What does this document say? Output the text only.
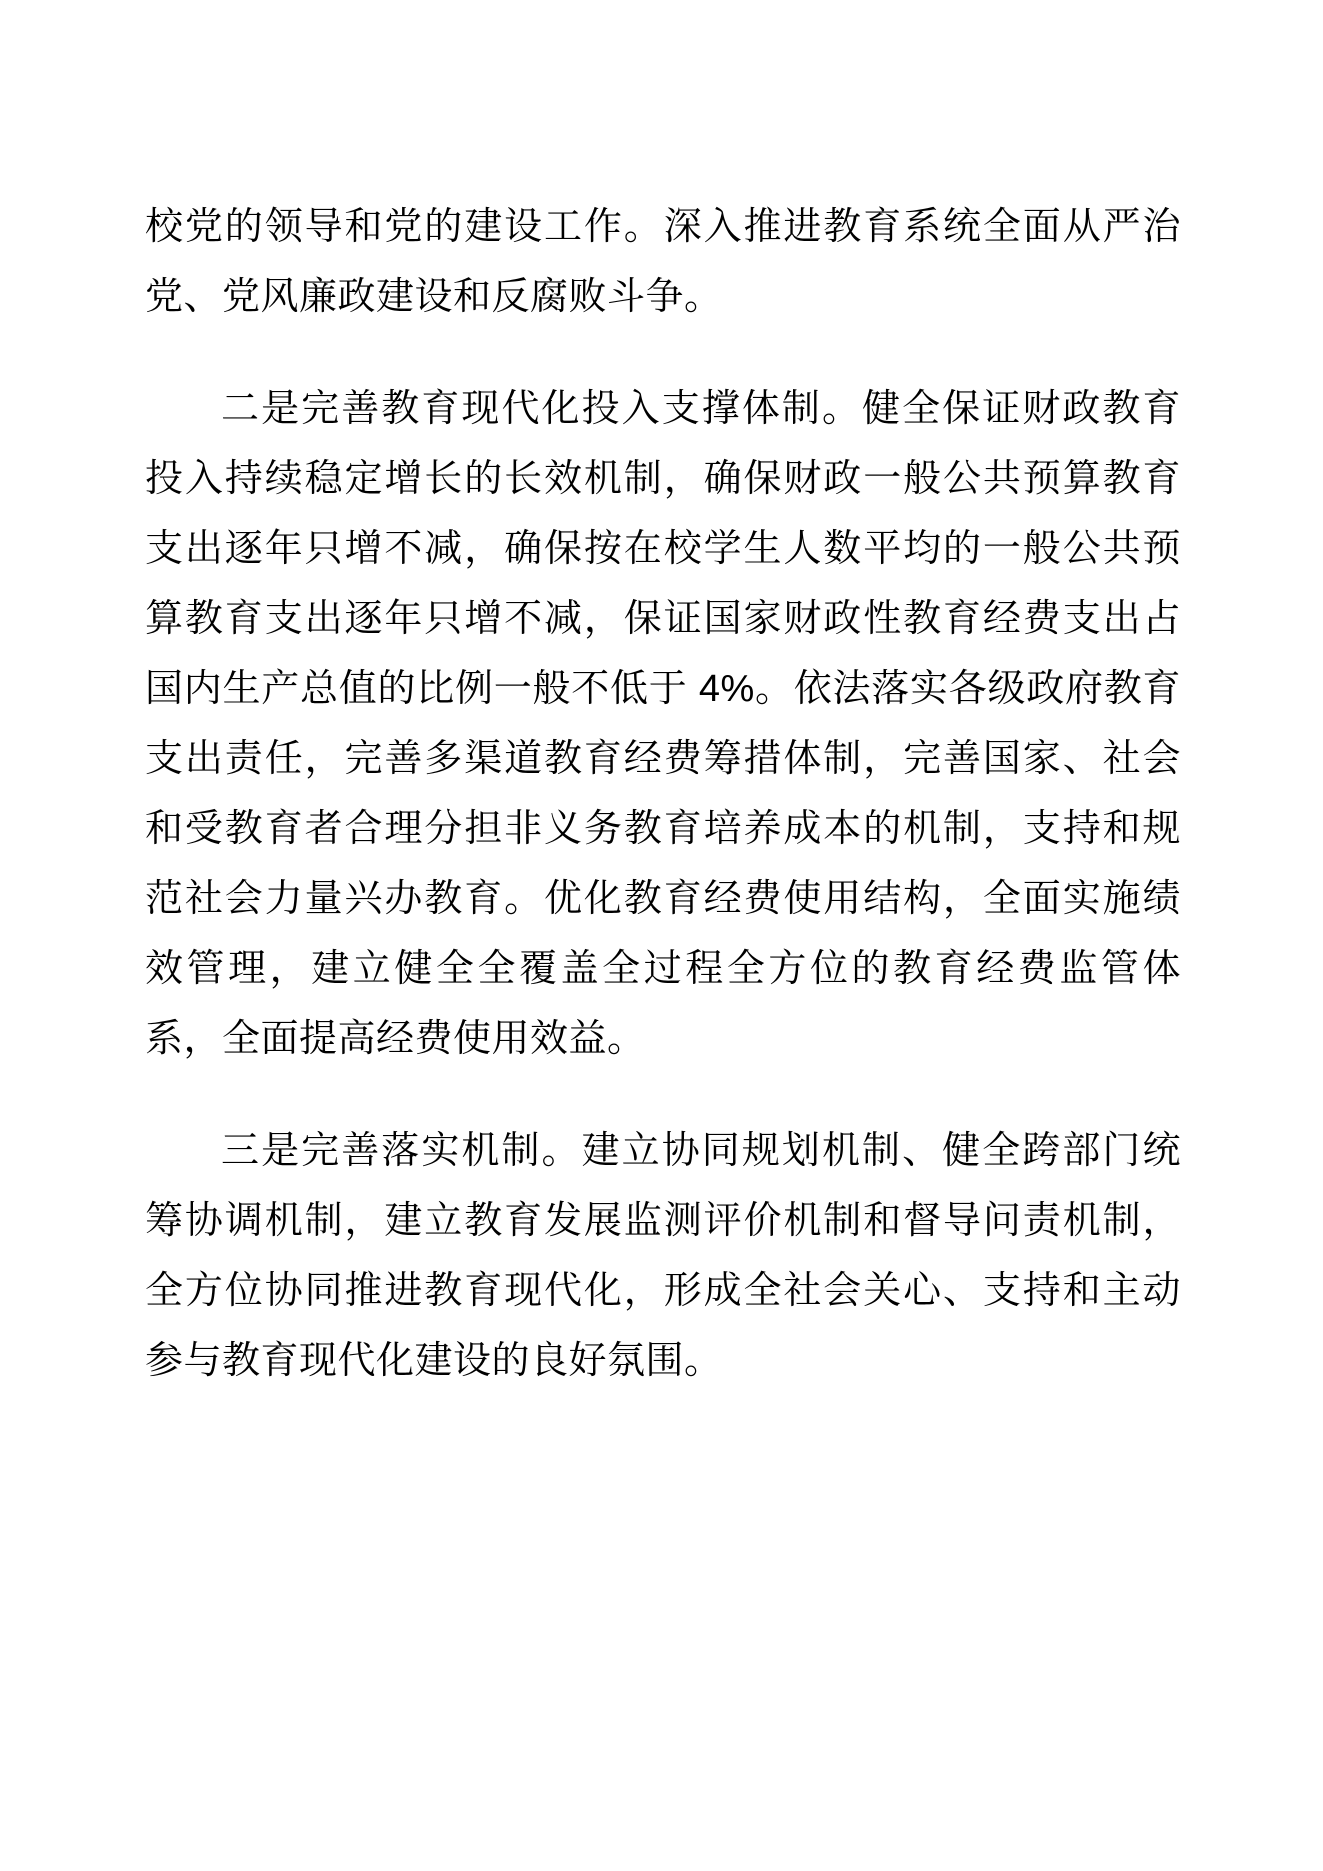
校党的领导和党的建设工作。深入推进教育系统全面从严治党、党风廉政建设和反腐败斗争。

二是完善教育现代化投入支撑体制。健全保证财政教育投入持续稳定增长的长效机制，确保财政一般公共预算教育支出逐年只增不减，确保按在校学生人数平均的一般公共预算教育支出逐年只增不减，保证国家财政性教育经费支出占国内生产总值的比例一般不低于 4%。依法落实各级政府教育支出责任，完善多渠道教育经费筹措体制，完善国家、社会和受教育者合理分担非义务教育培养成本的机制，支持和规范社会力量兴办教育。优化教育经费使用结构，全面实施绩效管理，建立健全全覆盖全过程全方位的教育经费监管体系，全面提高经费使用效益。

三是完善落实机制。建立协同规划机制、健全跨部门统筹协调机制，建立教育发展监测评价机制和督导问责机制，全方位协同推进教育现代化，形成全社会关心、支持和主动参与教育现代化建设的良好氛围。
